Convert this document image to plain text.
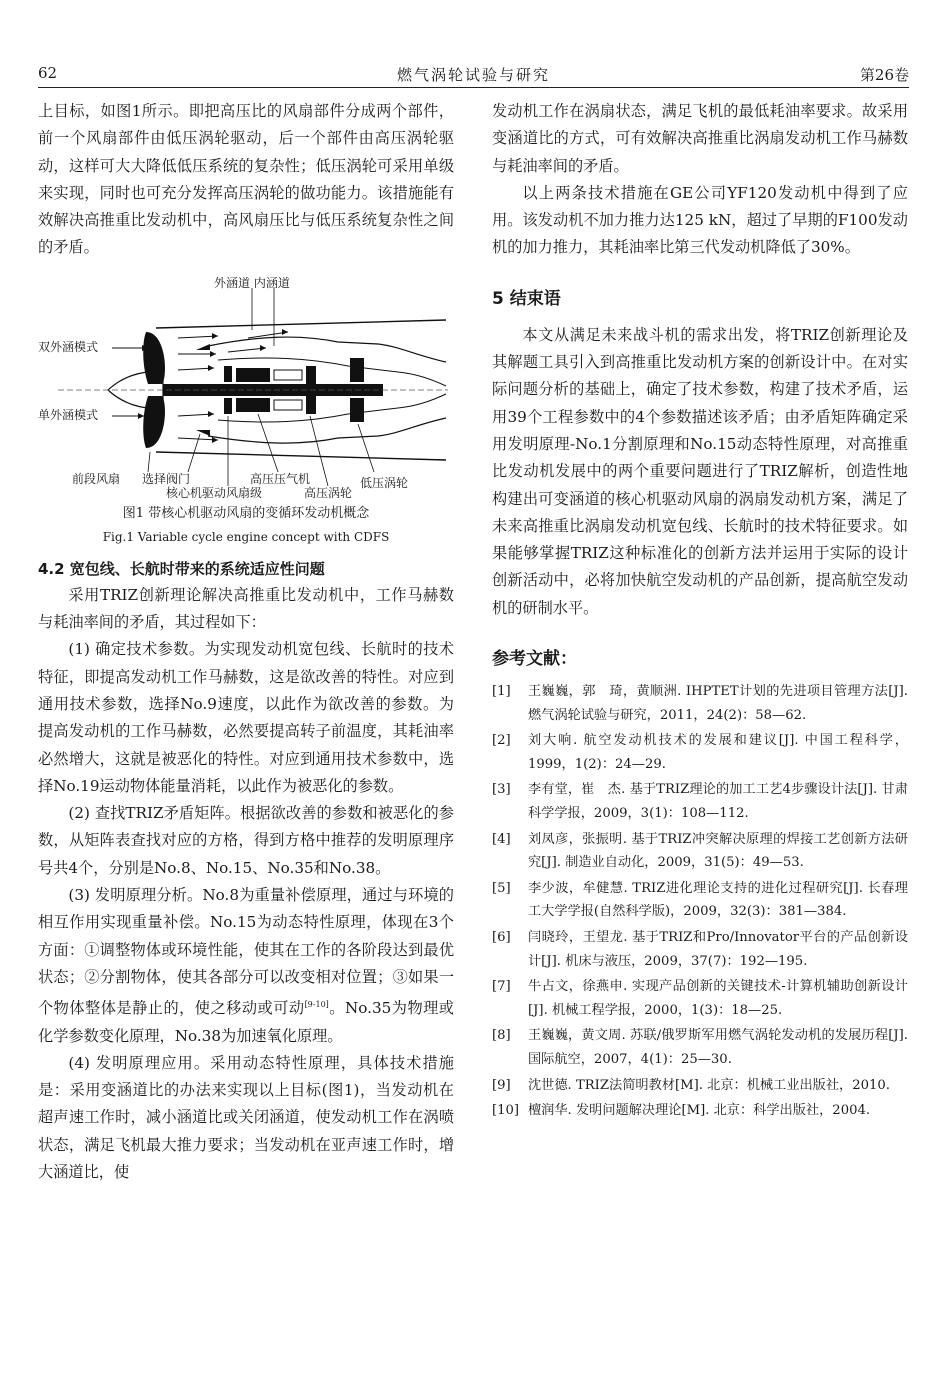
62	燃气涡轮试验与研究	第26卷

上目标，如图1所示。即把高压比的风扇部件分成两个部件，前一个风扇部件由低压涡轮驱动，后一个部件由高压涡轮驱动，这样可大大降低低压系统的复杂性；低压涡轮可采用单级来实现，同时也可充分发挥高压涡轮的做功能力。该措施能有效解决高推重比发动机中，高风扇压比与低压系统复杂性之间的矛盾。

外涵道 内涵道
双外涵模式
单外涵模式
前段风扇 选择阀门	高压压气机
核心机驱动风扇级	高压涡轮
低压涡轮
图1 带核心机驱动风扇的变循环发动机概念
Fig.1 Variable cycle engine concept with CDFS
4.2 宽包线、长航时带来的系统适应性问题

采用TRIZ创新理论解决高推重比发动机中，工作马赫数与耗油率间的矛盾，其过程如下：

(1) 确定技术参数。为实现发动机宽包线、长航时的技术特征，即提高发动机工作马赫数，这是欲改善的特性。对应到通用技术参数，选择No.9速度，以此作为欲改善的参数。为提高发动机的工作马赫数，必然要提高转子前温度，其耗油率必然增大，这就是被恶化的特性。对应到通用技术参数中，选择No.19运动物体能量消耗，以此作为被恶化的参数。

(2) 查找TRIZ矛盾矩阵。根据欲改善的参数和被恶化的参数，从矩阵表查找对应的方格，得到方格中推荐的发明原理序号共4个，分别是No.8、No.15、No.35和No.38。

(3) 发明原理分析。No.8为重量补偿原理，通过与环境的相互作用实现重量补偿。No.15为动态特性原理，体现在3个方面：①调整物体或环境性能，使其在工作的各阶段达到最优状态；②分割物体，使其各部分可以改变相对位置；③如果一个物体整体是静止的，使之移动或可动[9-10]。No.35为物理或化学参数变化原理，No.38为加速氧化原理。

(4) 发明原理应用。采用动态特性原理，具体技术措施是：采用变涵道比的办法来实现以上目标(图1)，当发动机在超声速工作时，减小涵道比或关闭涵道，使发动机工作在涡喷状态，满足飞机最大推力要求；当发动机在亚声速工作时，增大涵道比，使

发动机工作在涡扇状态，满足飞机的最低耗油率要求。故采用变涵道比的方式，可有效解决高推重比涡扇发动机工作马赫数与耗油率间的矛盾。

以上两条技术措施在GE公司YF120发动机中得到了应用。该发动机不加力推力达125 kN，超过了早期的F100发动机的加力推力，其耗油率比第三代发动机降低了30%。

5 结束语

本文从满足未来战斗机的需求出发，将TRIZ创新理论及其解题工具引入到高推重比发动机方案的创新设计中。在对实际问题分析的基础上，确定了技术参数，构建了技术矛盾，运用39个工程参数中的4个参数描述该矛盾；由矛盾矩阵确定采用发明原理-No.1分割原理和No.15动态特性原理，对高推重比发动机发展中的两个重要问题进行了TRIZ解析，创造性地构建出可变涵道的核心机驱动风扇的涡扇发动机方案，满足了未来高推重比涡扇发动机宽包线、长航时的技术特征要求。如果能够掌握TRIZ这种标准化的创新方法并运用于实际的设计创新活动中，必将加快航空发动机的产品创新，提高航空发动机的研制水平。

参考文献：
[1] 王巍巍，郭　琦，黄顺洲. IHPTET计划的先进项目管理方法[J]. 燃气涡轮试验与研究，2011，24(2)：58—62.
[2] 刘大响. 航空发动机技术的发展和建议[J]. 中国工程科学，1999，1(2)：24—29.
[3] 李有堂，崔　杰. 基于TRIZ理论的加工工艺4步骤设计法[J]. 甘肃科学学报，2009，3(1)：108—112.
[4] 刘凤彦，张振明. 基于TRIZ冲突解决原理的焊接工艺创新方法研究[J]. 制造业自动化，2009，31(5)：49—53.
[5] 李少波，牟健慧. TRIZ进化理论支持的进化过程研究[J]. 长春理工大学学报(自然科学版)，2009，32(3)：381—384.
[6] 闫晓玲，王望龙. 基于TRIZ和Pro/Innovator平台的产品创新设计[J]. 机床与液压，2009，37(7)：192—195.
[7] 牛占文，徐燕申. 实现产品创新的关键技术-计算机辅助创新设计[J]. 机械工程学报，2000，1(3)：18—25.
[8] 王巍巍，黄文周. 苏联/俄罗斯军用燃气涡轮发动机的发展历程[J]. 国际航空，2007，4(1)：25—30.
[9] 沈世德. TRIZ法简明教材[M]. 北京：机械工业出版社，2010.
[10] 檀润华. 发明问题解决理论[M]. 北京：科学出版社，2004.
